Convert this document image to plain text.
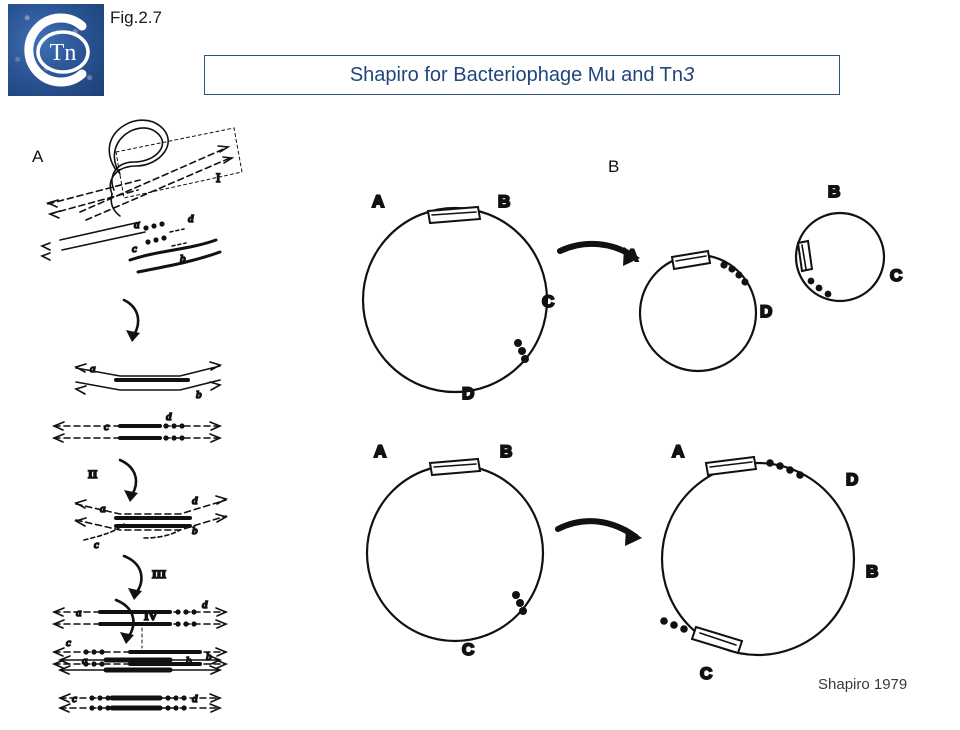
Tn
Fig.2.7
Shapiro for Bacteriophage Mu and Tn3
A
B
a	d
c
b
I
a
b
c
d
II
a
d
c
b
III
a
d
c
b
IV
a	b
c	d
A	B
C
D
A
D
B
C
A	B
C
A
D
B
C
Shapiro 1979
